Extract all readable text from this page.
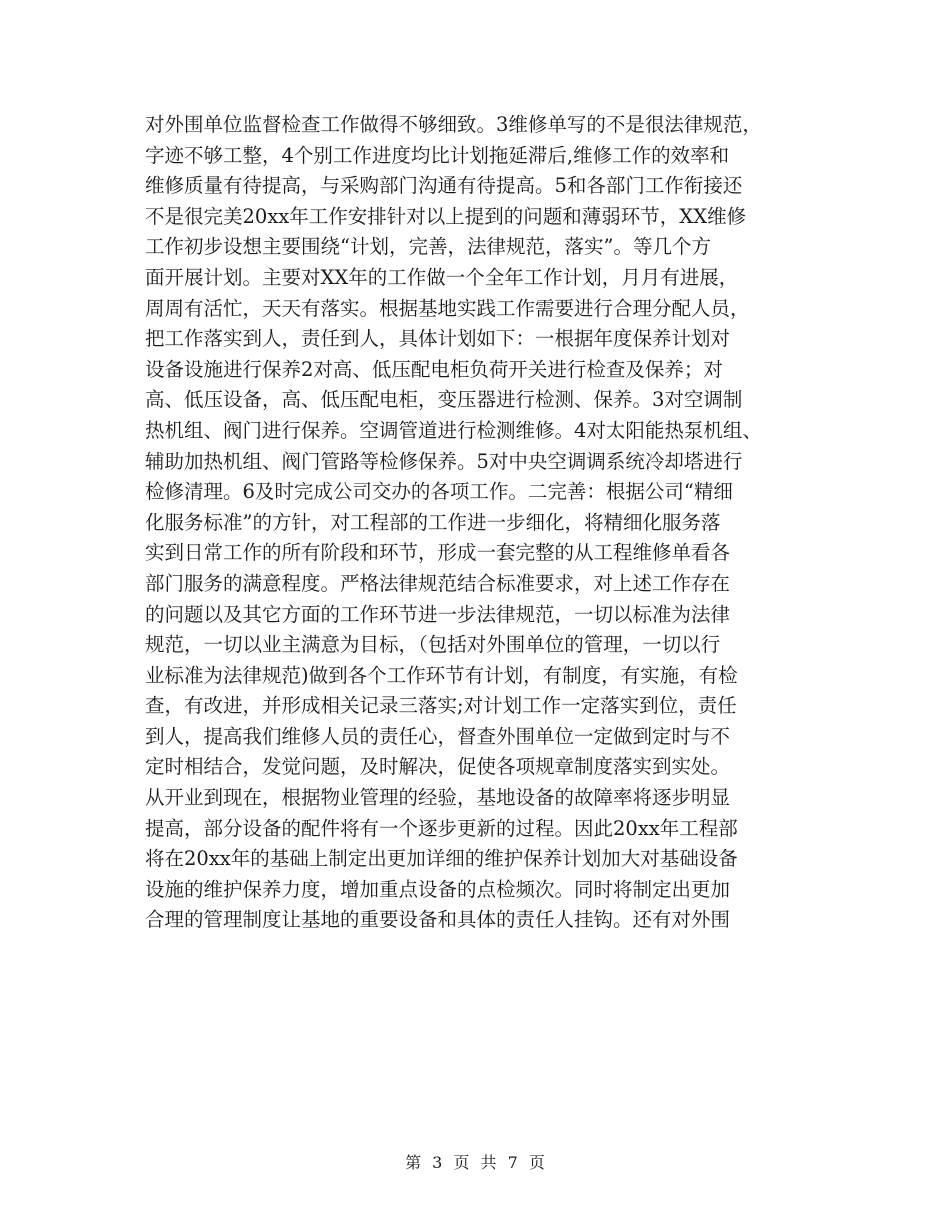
对外围单位监督检查工作做得不够细致。3维修单写的不是很法律规范，
字迹不够工整，4个别工作进度均比计划拖延滞后,维修工作的效率和
维修质量有待提高，与采购部门沟通有待提高。5和各部门工作衔接还
不是很完美20xx年工作安排针对以上提到的问题和薄弱环节，XX维修
工作初步设想主要围绕“计划，完善，法律规范，落实”。等几个方
面开展计划。主要对XX年的工作做一个全年工作计划，月月有进展，
周周有活忙，天天有落实。根据基地实践工作需要进行合理分配人员，
把工作落实到人，责任到人，具体计划如下：一根据年度保养计划对
设备设施进行保养2对高、低压配电柜负荷开关进行检查及保养；对
高、低压设备，高、低压配电柜，变压器进行检测、保养。3对空调制
热机组、阀门进行保养。空调管道进行检测维修。4对太阳能热泵机组、
辅助加热机组、阀门管路等检修保养。5对中央空调调系统冷却塔进行
检修清理。6及时完成公司交办的各项工作。二完善：根据公司“精细
化服务标准”的方针，对工程部的工作进一步细化，将精细化服务落
实到日常工作的所有阶段和环节，形成一套完整的从工程维修单看各
部门服务的满意程度。严格法律规范结合标准要求，对上述工作存在
的问题以及其它方面的工作环节进一步法律规范，一切以标准为法律
规范，一切以业主满意为目标，（包括对外围单位的管理，一切以行
业标准为法律规范)做到各个工作环节有计划，有制度，有实施，有检
查，有改进，并形成相关记录三落实;对计划工作一定落实到位，责任
到人，提高我们维修人员的责任心，督查外围单位一定做到定时与不
定时相结合，发觉问题，及时解决，促使各项规章制度落实到实处。
从开业到现在，根据物业管理的经验，基地设备的故障率将逐步明显
提高，部分设备的配件将有一个逐步更新的过程。因此20xx年工程部
将在20xx年的基础上制定出更加详细的维护保养计划加大对基础设备
设施的维护保养力度，增加重点设备的点检频次。同时将制定出更加
合理的管理制度让基地的重要设备和具体的责任人挂钩。还有对外围
第 3 页 共 7 页
